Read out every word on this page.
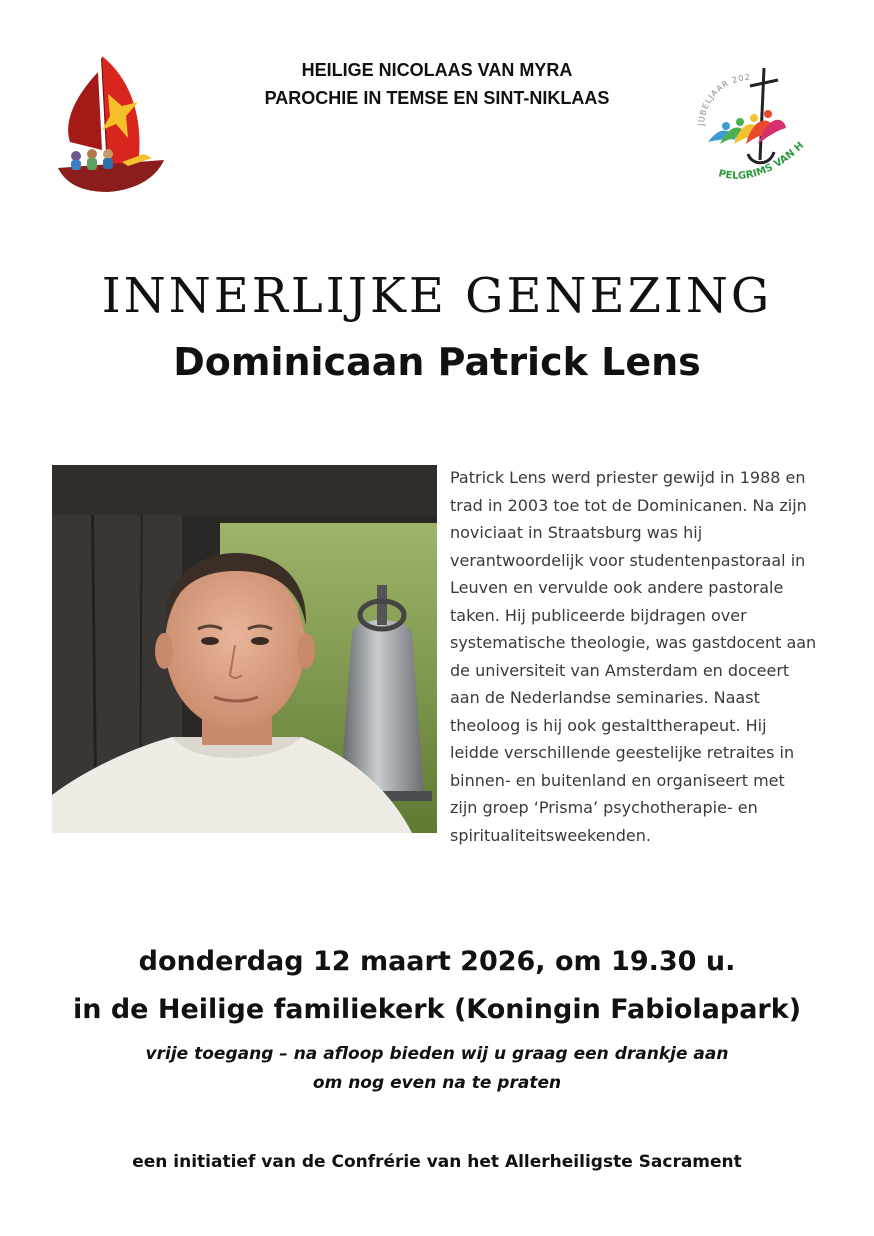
HEILIGE NICOLAAS VAN MYRA
PAROCHIE IN TEMSE EN SINT-NIKLAAS
JUBELJAAR 202
PELGRIMS VAN H
INNERLIJKE GENEZING
Dominicaan Patrick Lens
Patrick Lens werd priester gewijd in 1988 en
trad in 2003 toe tot de Dominicanen. Na zijn
noviciaat in Straatsburg was hij
verantwoordelijk voor studentenpastoraal in
Leuven en vervulde ook andere pastorale
taken. Hij publiceerde bijdragen over
systematische theologie, was gastdocent aan
de universiteit van Amsterdam en doceert
aan de Nederlandse seminaries. Naast
theoloog is hij ook gestalttherapeut. Hij
leidde verschillende geestelijke retraites in
binnen- en buitenland en organiseert met
zijn groep ‘Prisma’ psychotherapie- en
spiritualiteitsweekenden.
donderdag 12 maart 2026, om 19.30 u.
in de Heilige familiekerk (Koningin Fabiolapark)
vrije toegang – na afloop bieden wij u graag een drankje aan
om nog even na te praten
een initiatief van de Confrérie van het Allerheiligste Sacrament
